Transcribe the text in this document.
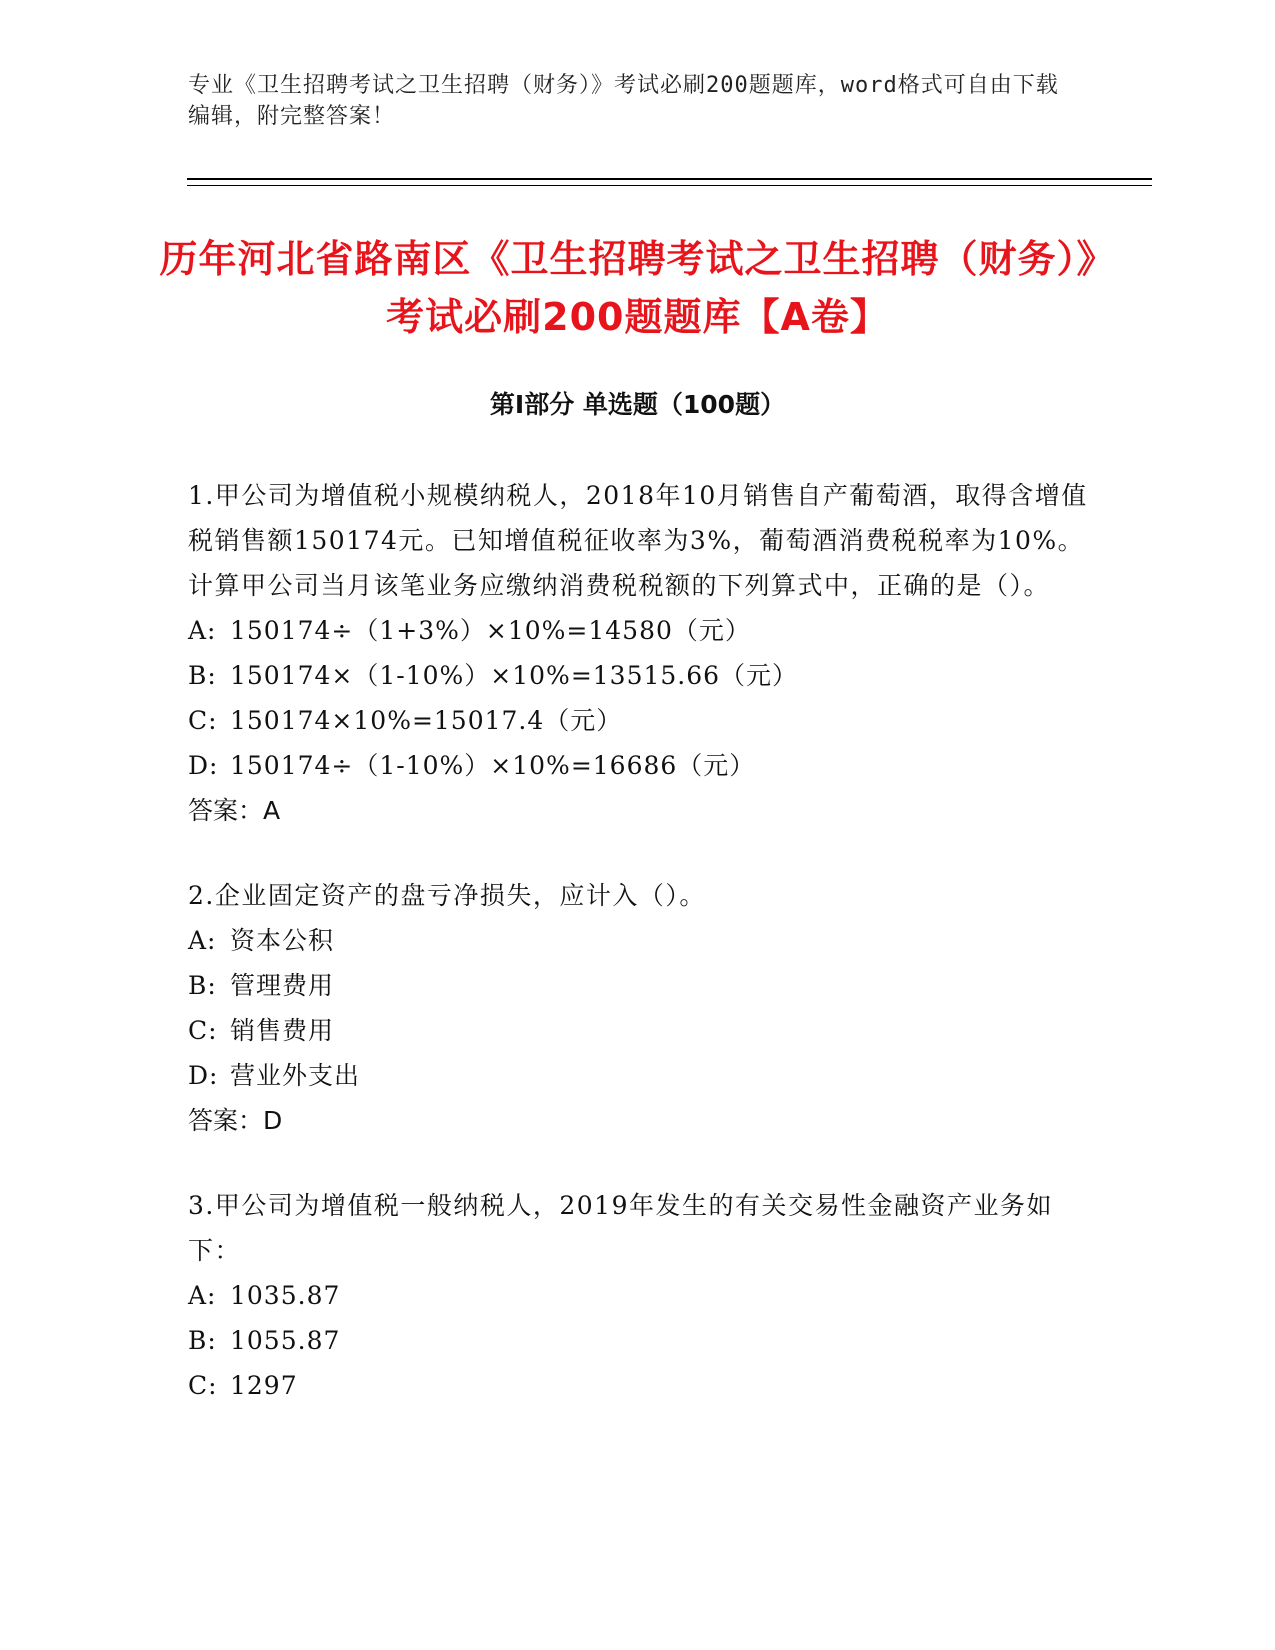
专业《卫生招聘考试之卫生招聘（财务）》考试必刷200题题库，word格式可自由下载编辑，附完整答案！
历年河北省路南区《卫生招聘考试之卫生招聘（财务）》考试必刷200题题库【A卷】
第I部分 单选题（100题）

1.甲公司为增值税小规模纳税人，2018年10月销售自产葡萄酒，取得含增值税销售额150174元。已知增值税征收率为3%，葡萄酒消费税税率为10%。计算甲公司当月该笔业务应缴纳消费税税额的下列算式中，正确的是（）。

A: 150174÷（1+3%）×10%=14580（元）

B: 150174×（1-10%）×10%=13515.66（元）

C: 150174×10%=15017.4（元）

D: 150174÷（1-10%）×10%=16686（元）

答案：A

2.企业固定资产的盘亏净损失，应计入（）。

A: 资本公积

B: 管理费用

C: 销售费用

D: 营业外支出

答案：D

3.甲公司为增值税一般纳税人，2019年发生的有关交易性金融资产业务如下：

A: 1035.87

B: 1055.87

C: 1297
